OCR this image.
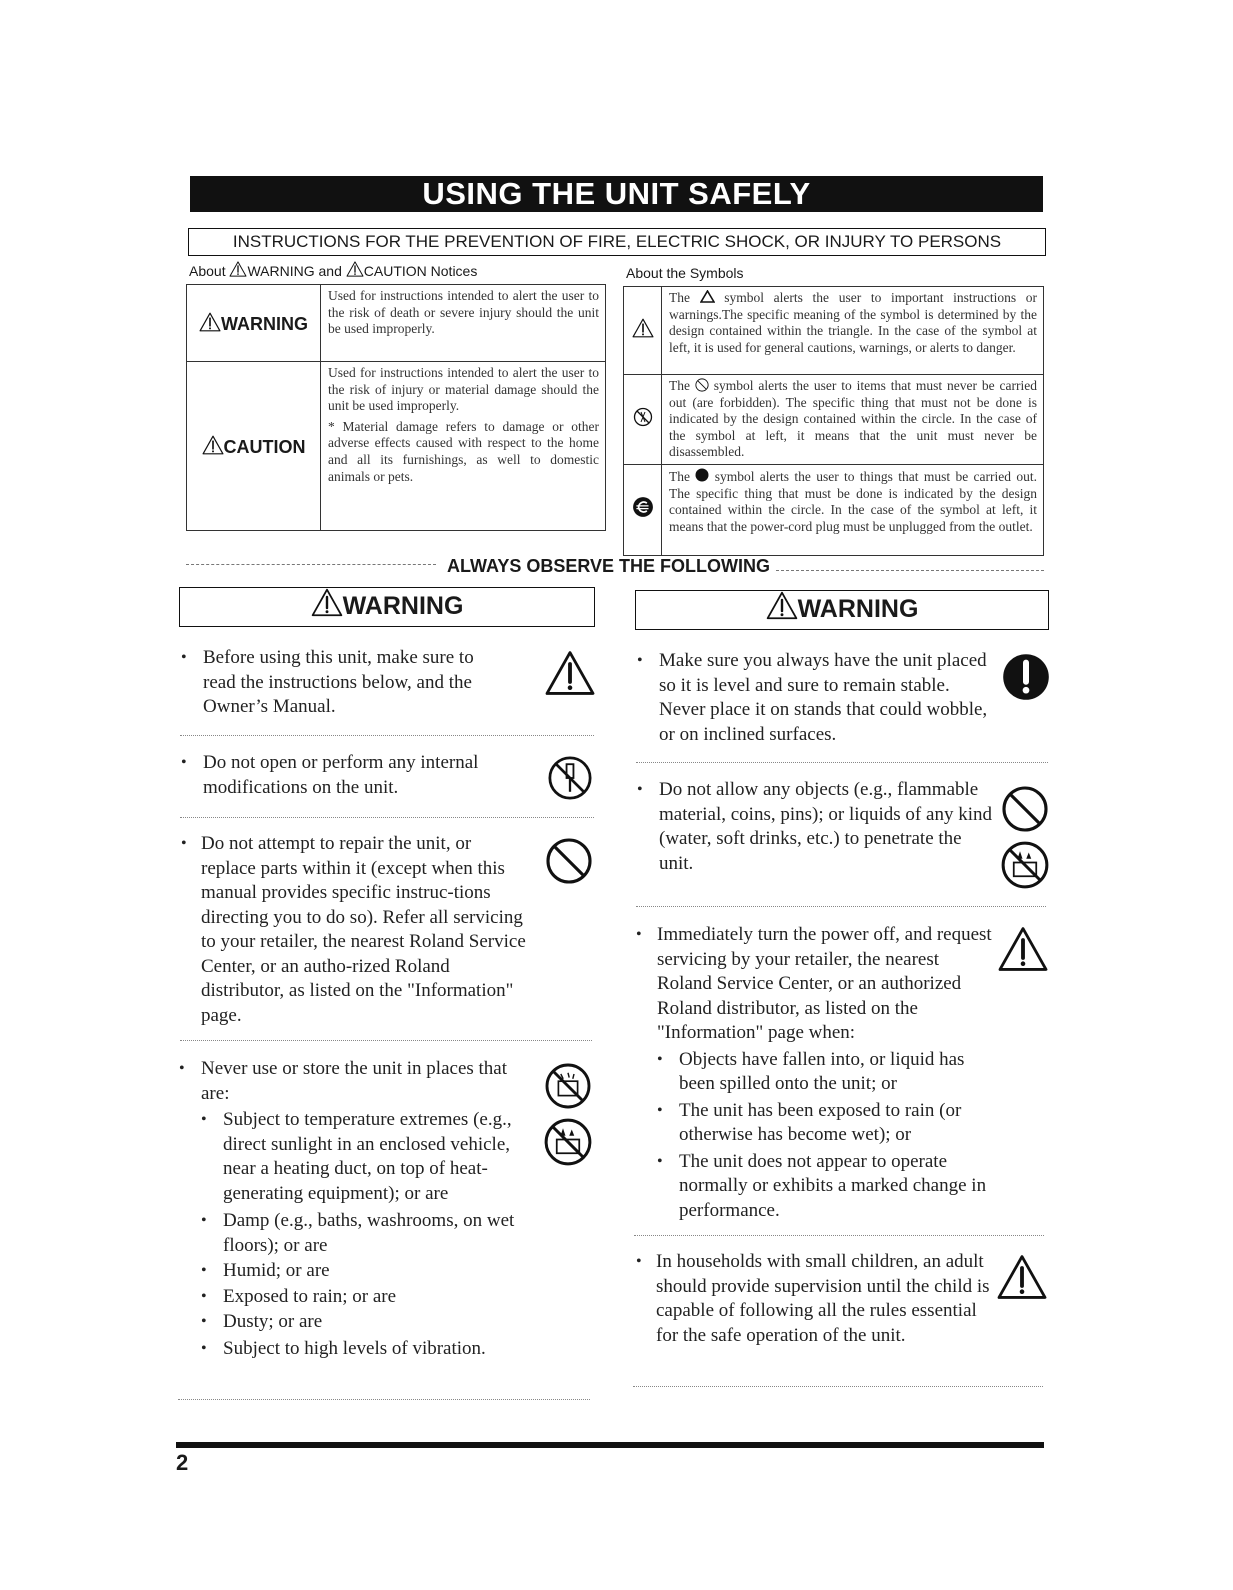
USING THE UNIT SAFELY
INSTRUCTIONS FOR THE PREVENTION OF FIRE, ELECTRIC SHOCK, OR INJURY TO PERSONS
About WARNING and CAUTION Notices
WARNING	Used for instructions intended to alert the user to the risk of death or severe injury should the unit be used improperly.
CAUTION	Used for instructions intended to alert the user to the risk of injury or material damage should the unit be used improperly.
* Material damage refers to damage or other adverse effects caused with respect to the home and all its furnishings, as well to domestic animals or pets.
About the Symbols
	The  symbol alerts the user to important instructions or warnings.The specific meaning of the symbol is determined by the design contained within the triangle. In the case of the symbol at left, it is used for general cautions, warnings, or alerts to danger.
	The  symbol alerts the user to items that must never be carried out (are forbidden). The specific thing that must not be done is indicated by the design contained within the circle. In the case of the symbol at left, it means that the unit must never be disassembled.
	The  symbol alerts the user to things that must be carried out. The specific thing that must be done is indicated by the design contained within the circle. In the case of the symbol at left, it means that the power-cord plug must be unplugged from the outlet.
ALWAYS OBSERVE THE FOLLOWING
WARNING	WARNING
• Before using this unit, make sure to read the instructions below, and the Owner’s Manual.
• Do not open or perform any internal modifications on the unit.
• Do not attempt to repair the unit, or replace parts within it (except when this manual provides specific instruc-tions directing you to do so). Refer all servicing to your retailer, the nearest Roland Service Center, or an autho-rized Roland distributor, as listed on the "Information" page.
• Never use or store the unit in places that are:
• Subject to temperature extremes (e.g., direct sunlight in an enclosed vehicle, near a heating duct, on top of heat-generating equipment); or are
• Damp (e.g., baths, washrooms, on wet floors); or are
• Humid; or are
• Exposed to rain; or are
• Dusty; or are
• Subject to high levels of vibration.
• Make sure you always have the unit placed so it is level and sure to remain stable. Never place it on stands that could wobble, or on inclined surfaces.
• Do not allow any objects (e.g., flammable material, coins, pins); or liquids of any kind (water, soft drinks, etc.) to penetrate the unit.
• Immediately turn the power off, and request servicing by your retailer, the nearest Roland Service Center, or an authorized Roland distributor, as listed on the "Information" page when:
• Objects have fallen into, or liquid has been spilled onto the unit; or
• The unit has been exposed to rain (or otherwise has become wet); or
• The unit does not appear to operate normally or exhibits a marked change in performance.
• In households with small children, an adult should provide supervision until the child is capable of following all the rules essential for the safe operation of the unit.
2
